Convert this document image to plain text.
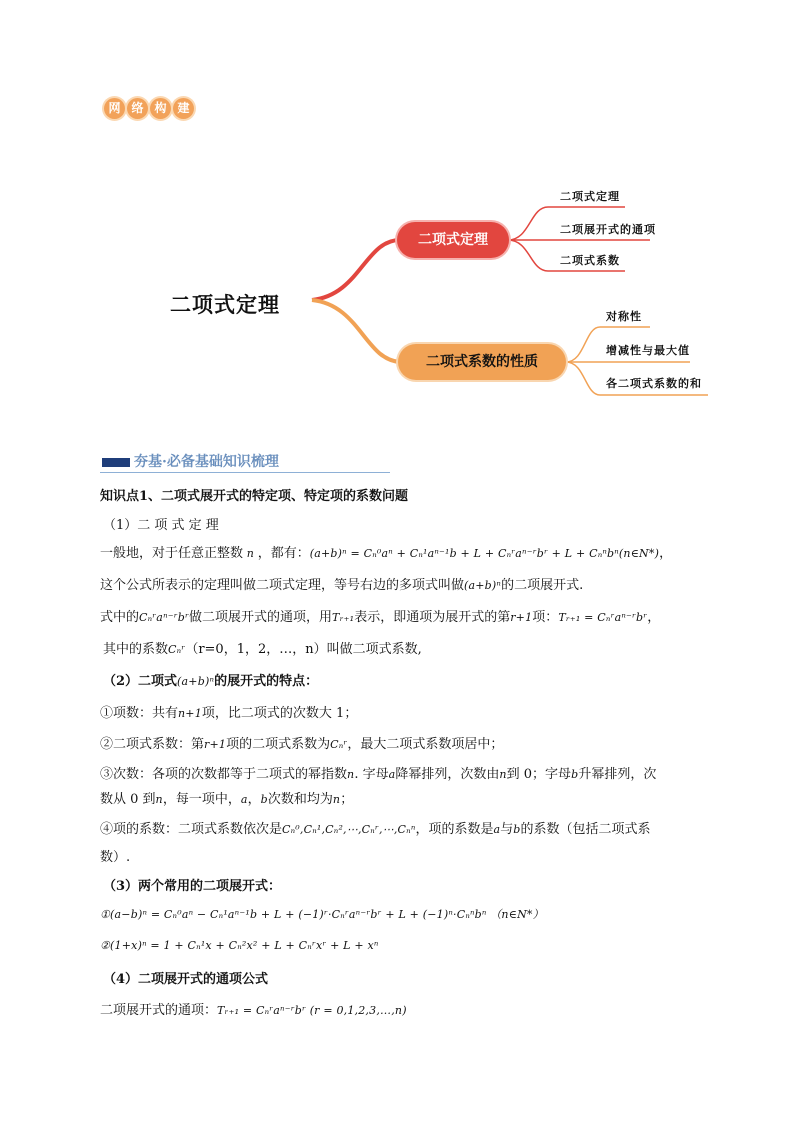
网 络 构 建
二项式定理
二项式定理
二项式系数的性质
二项式定理
二项展开式的通项
二项式系数
对称性
增减性与最大值
各二项式系数的和
夯基·必备基础知识梳理
知识点1、二项式展开式的特定项、特定项的系数问题
（1）二 项 式 定 理
一般地，对于任意正整数 n ，都有：(a+b)ⁿ = Cₙ⁰aⁿ + Cₙ¹aⁿ⁻¹b + L + Cₙʳaⁿ⁻ʳbʳ + L + Cₙⁿbⁿ(n∈N*)，
这个公式所表示的定理叫做二项式定理，等号右边的多项式叫做(a+b)ⁿ的二项展开式.
式中的Cₙʳaⁿ⁻ʳbʳ做二项展开式的通项，用Tᵣ₊₁表示，即通项为展开式的第r+1项：Tᵣ₊₁ = Cₙʳaⁿ⁻ʳbʳ，
其中的系数Cₙʳ（r=0，1，2，…，n）叫做二项式系数,
（2）二项式(a+b)ⁿ的展开式的特点：
①项数：共有n+1项，比二项式的次数大 1；
②二项式系数：第r+1项的二项式系数为Cₙʳ，最大二项式系数项居中；
③次数：各项的次数都等于二项式的幂指数n. 字母a降幂排列，次数由n到 0；字母b升幂排列，次
数从 0 到n，每一项中，a，b次数和均为n；
④项的系数：二项式系数依次是Cₙ⁰,Cₙ¹,Cₙ²,⋯,Cₙʳ,⋯,Cₙⁿ，项的系数是a与b的系数（包括二项式系
数）.
（3）两个常用的二项展开式：
①(a−b)ⁿ = Cₙ⁰aⁿ − Cₙ¹aⁿ⁻¹b + L + (−1)ʳ·Cₙʳaⁿ⁻ʳbʳ + L + (−1)ⁿ·Cₙⁿbⁿ （n∈N*）
②(1+x)ⁿ = 1 + Cₙ¹x + Cₙ²x² + L + Cₙʳxʳ + L + xⁿ
（4）二项展开式的通项公式
二项展开式的通项：Tᵣ₊₁ = Cₙʳaⁿ⁻ʳbʳ (r = 0,1,2,3,…,n)
